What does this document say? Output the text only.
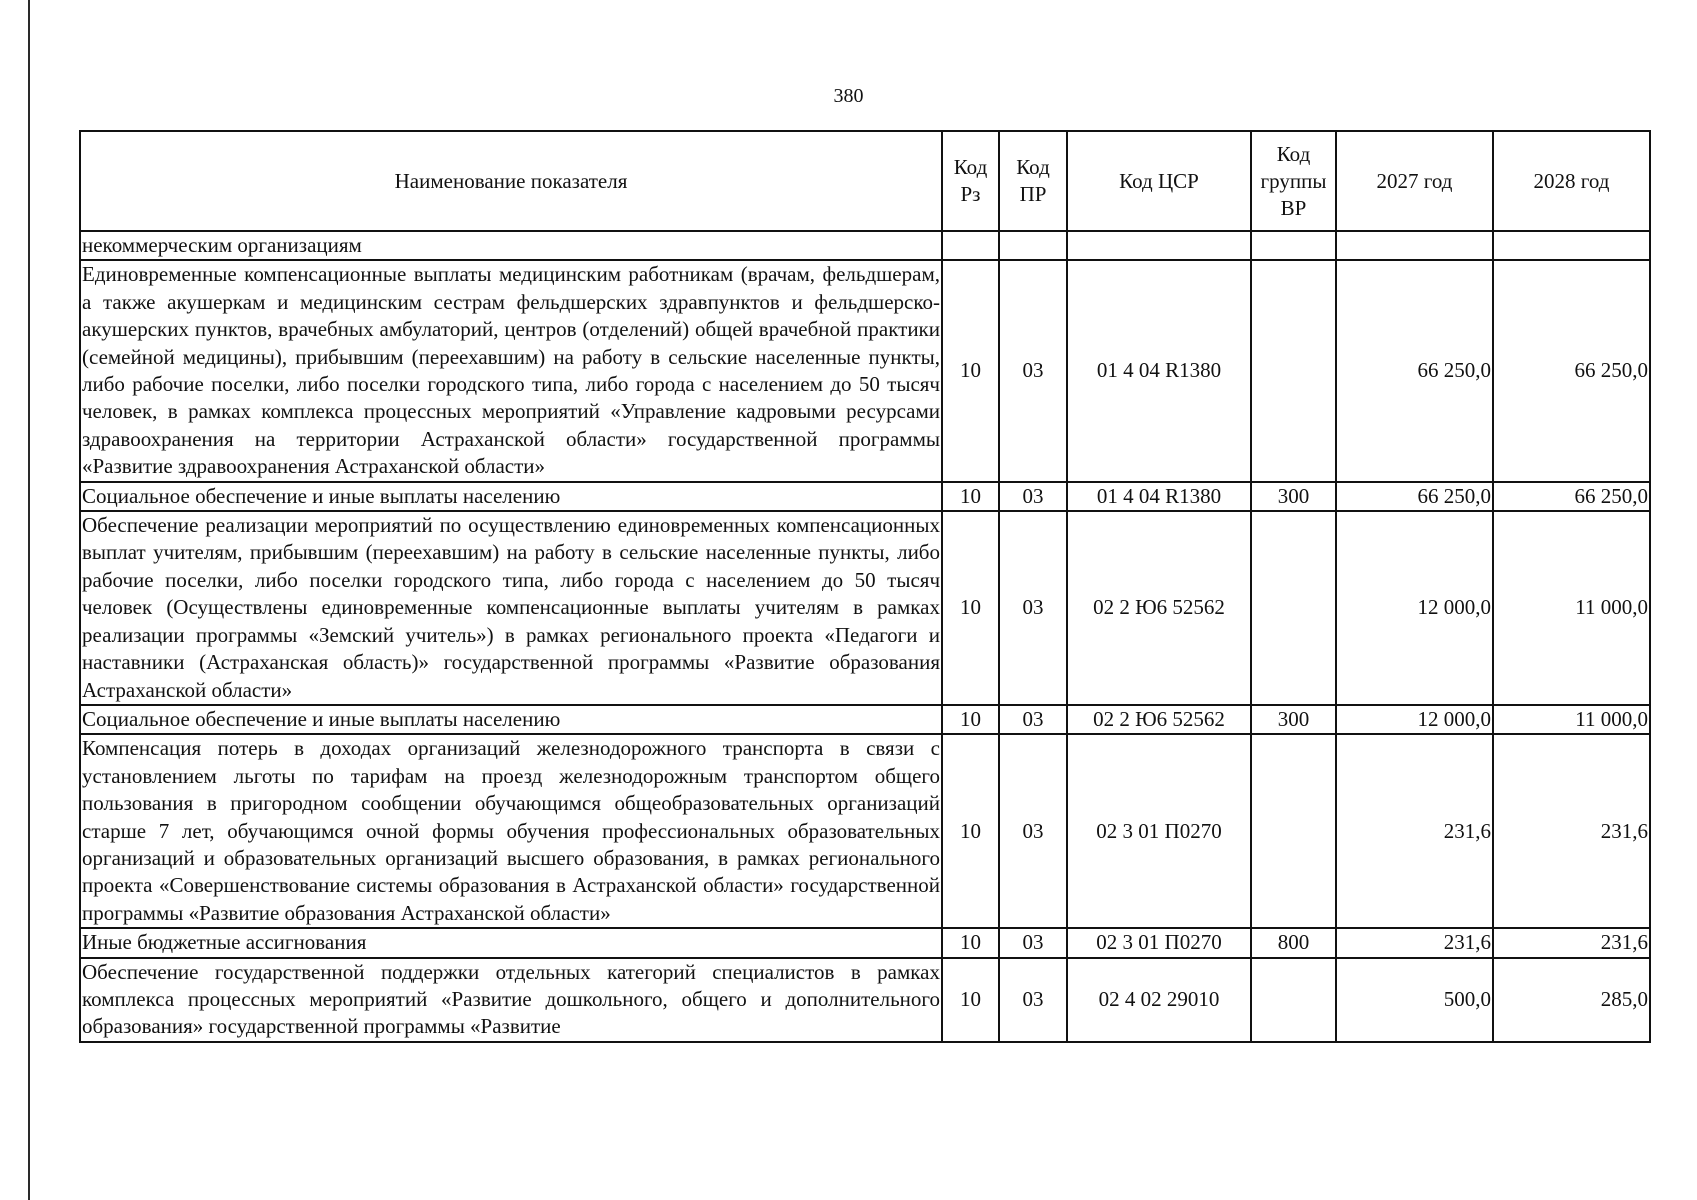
380
Наименование показателя	Код Рз	Код ПР	Код ЦСР	Код группы ВР	2027 год	2028 год
некоммерческим организациям						
Единовременные компенсационные выплаты медицинским работникам (врачам, фельдшерам, а также акушеркам и медицинским сестрам фельдшерских здравпунктов и фельдшерско-акушерских пунктов, врачебных амбулаторий, центров (отделений) общей врачебной практики (семейной медицины), прибывшим (переехавшим) на работу в сельские населенные пункты, либо рабочие поселки, либо поселки городского типа, либо города с населением до 50 тысяч человек, в рамках комплекса процессных мероприятий «Управление кадровыми ресурсами здравоохранения на территории Астраханской области» государственной программы «Развитие здравоохранения Астраханской области»	10	03	01 4 04 R1380		66 250,0	66 250,0
Социальное обеспечение и иные выплаты населению	10	03	01 4 04 R1380	300	66 250,0	66 250,0
Обеспечение реализации мероприятий по осуществлению единовременных компенсационных выплат учителям, прибывшим (переехавшим) на работу в сельские населенные пункты, либо рабочие поселки, либо поселки городского типа, либо города с населением до 50 тысяч человек (Осуществлены единовременные компенсационные выплаты учителям в рамках реализации программы «Земский учитель») в рамках регионального проекта «Педагоги и наставники (Астраханская область)» государственной программы «Развитие образования Астраханской области»	10	03	02 2 Ю6 52562		12 000,0	11 000,0
Социальное обеспечение и иные выплаты населению	10	03	02 2 Ю6 52562	300	12 000,0	11 000,0
Компенсация потерь в доходах организаций железнодорожного транспорта в связи с установлением льготы по тарифам на проезд железнодорожным транспортом общего пользования в пригородном сообщении обучающимся общеобразовательных организаций старше 7 лет, обучающимся очной формы обучения профессиональных образовательных организаций и образовательных организаций высшего образования, в рамках регионального проекта «Совершенствование системы образования в Астраханской области» государственной программы «Развитие образования Астраханской области»	10	03	02 3 01 П0270		231,6	231,6
Иные бюджетные ассигнования	10	03	02 3 01 П0270	800	231,6	231,6
Обеспечение государственной поддержки отдельных категорий специалистов в рамках комплекса процессных мероприятий «Развитие дошкольного, общего и дополнительного образования» государственной программы «Развитие	10	03	02 4 02 29010		500,0	285,0
